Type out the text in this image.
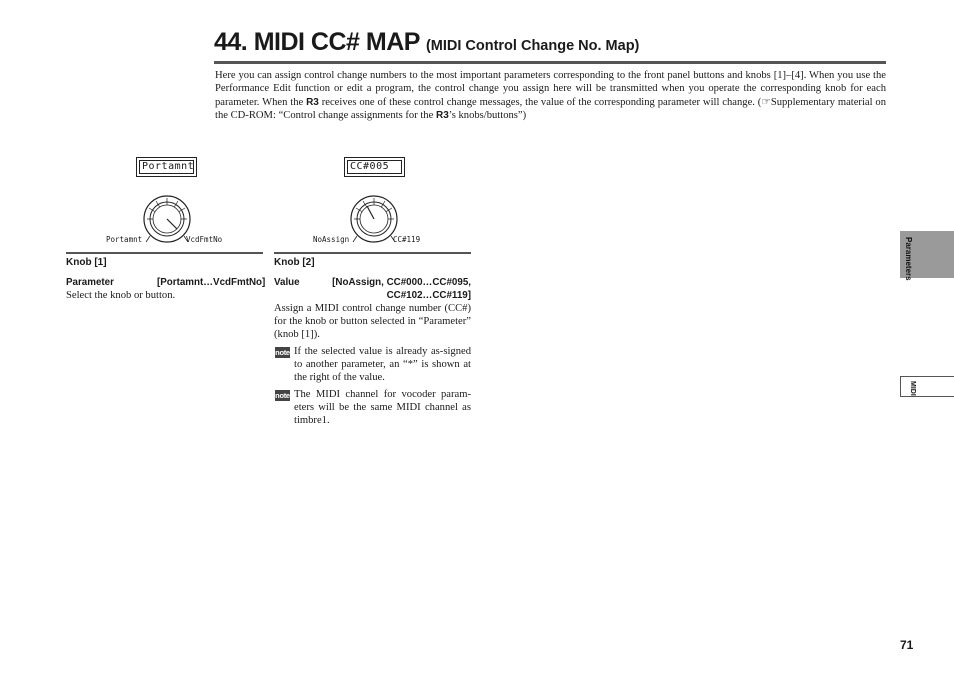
44. MIDI CC# MAP (MIDI Control Change No. Map)

Here you can assign control change numbers to the most important parameters corresponding to the front panel buttons and knobs [1]–[4]. When you use the Performance Edit function or edit a program, the control change you assign here will be transmitted when you operate the corresponding knob for each parameter. When the R3 receives one of these control change messages, the value of the corresponding parameter will change. (☞Supplementary material on the CD-ROM: “Control change assignments for the R3’s knobs/buttons”)

Portamnt
Portamnt	VcdFmtNo
CC#005
NoAssign	CC#119
Knob [1]
Parameter	[Portamnt…VcdFmtNo]

Select the knob or button.

Knob [2]
Value	[NoAssign, CC#000…CC#095,
CC#102…CC#119]

Assign a MIDI control change number (CC#) for the knob or button selected in “Parameter” (knob [1]).

note If the selected value is already as-signed to another parameter, an “*” is shown at the right of the value.

note The MIDI channel for vocoder param-eters will be the same MIDI channel as timbre1.

Parameters
MIDI
71
